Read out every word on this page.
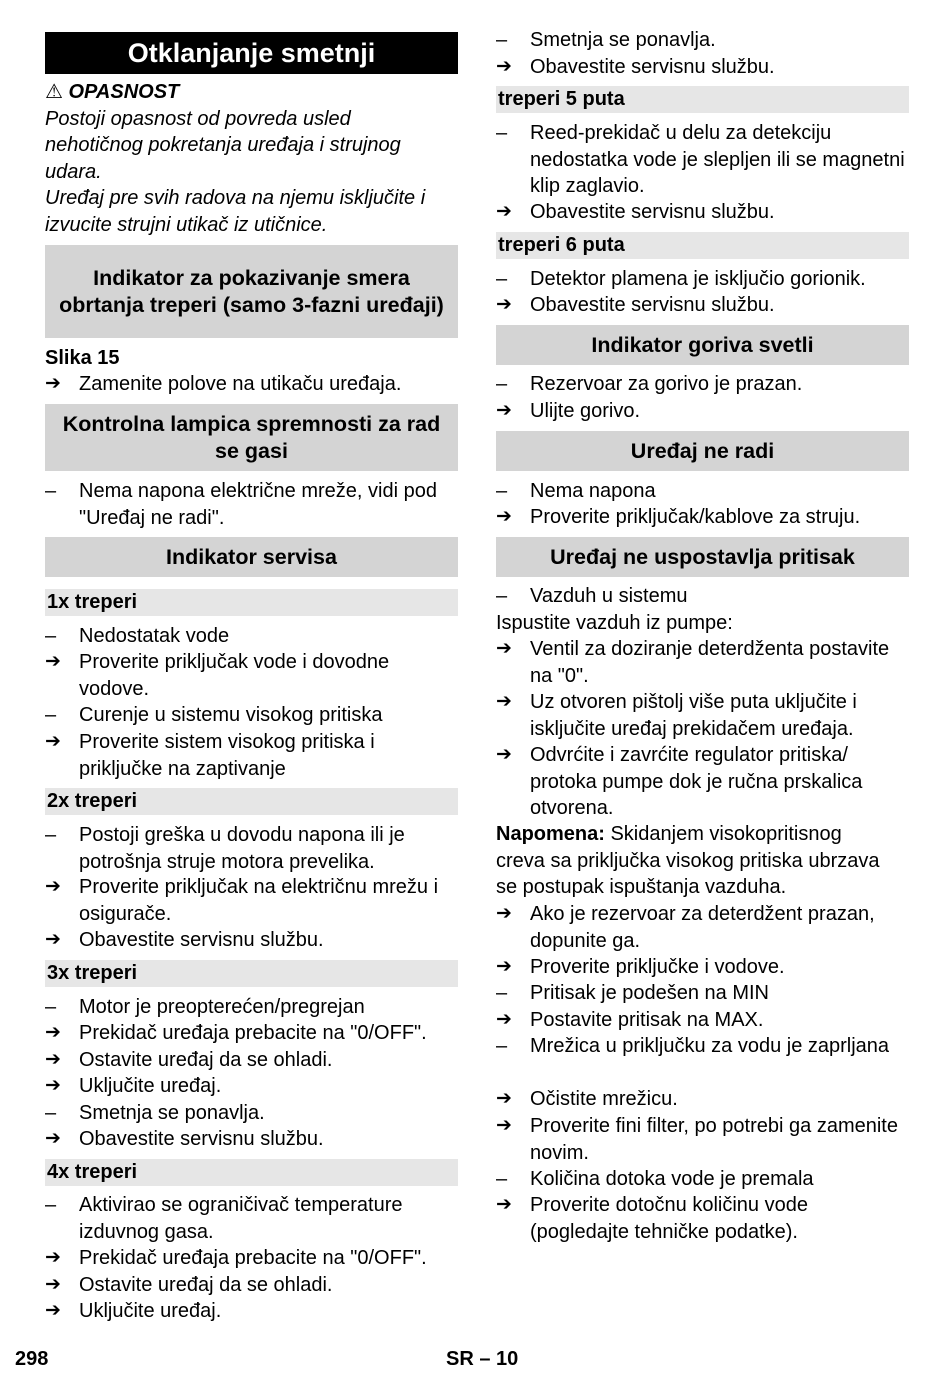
Otklanjanje smetnji
⚠ OPASNOST
Postoji opasnost od povreda usled
nehotičnog pokretanja uređaja i strujnog
udara.
Uređaj pre svih radova na njemu isključite i
izvucite strujni utikač iz utičnice.
Indikator za pokazivanje smera obrtanja treperi (samo 3-fazni uređaji)
Slika 15
➔ Zamenite polove na utikaču uređaja.
Kontrolna lampica spremnosti za rad se gasi
–	Nema napona električne mreže, vidi pod "Uređaj ne radi".
Indikator servisa
1x treperi
–	Nedostatak vode
➔ Proverite priključak vode i dovodne vodove.
–	Curenje u sistemu visokog pritiska
➔ Proverite sistem visokog pritiska i priključke na zaptivanje
2x treperi
–	Postoji greška u dovodu napona ili je potrošnja struje motora prevelika.
➔ Proverite priključak na električnu mrežu i osigurače.
➔ Obavestite servisnu službu.
3x treperi
–	Motor je preopterećen/pregrejan
➔ Prekidač uređaja prebacite na "0/OFF".
➔ Ostavite uređaj da se ohladi.
➔ Uključite uređaj.
–	Smetnja se ponavlja.
➔ Obavestite servisnu službu.
4x treperi
–	Aktivirao se ograničivač temperature izduvnog gasa.
➔ Prekidač uređaja prebacite na "0/OFF".
➔ Ostavite uređaj da se ohladi.
➔ Uključite uređaj.
–	Smetnja se ponavlja.
➔ Obavestite servisnu službu.
treperi 5 puta
–	Reed-prekidač u delu za detekciju nedostatka vode je slepljen ili se magnetni klip zaglavio.
➔ Obavestite servisnu službu.
treperi 6 puta
–	Detektor plamena je isključio gorionik.
➔ Obavestite servisnu službu.
Indikator goriva svetli
–	Rezervoar za gorivo je prazan.
➔ Ulijte gorivo.
Uređaj ne radi
–	Nema napona
➔ Proverite priključak/kablove za struju.
Uređaj ne uspostavlja pritisak
–	Vazduh u sistemu
Ispustite vazduh iz pumpe:
➔ Ventil za doziranje deterdženta postavite na "0".
➔ Uz otvoren pištolj više puta uključite i isključite uređaj prekidačem uređaja.
➔ Odvrćite i zavrćite regulator pritiska/ protoka pumpe dok je ručna prskalica otvorena.
Napomena: Skidanjem visokopritisnog
creva sa priključka visokog pritiska ubrzava
se postupak ispuštanja vazduha.
➔ Ako je rezervoar za deterdžent prazan, dopunite ga.
➔ Proverite priključke i vodove.
–	Pritisak je podešen na MIN
➔ Postavite pritisak na MAX.
–	Mrežica u priključku za vodu je zaprljana
➔ Očistite mrežicu.
➔ Proverite fini filter, po potrebi ga zamenite novim.
–	Količina dotoka vode je premala
➔ Proverite dotočnu količinu vode (pogledajte tehničke podatke).
298	SR – 10
